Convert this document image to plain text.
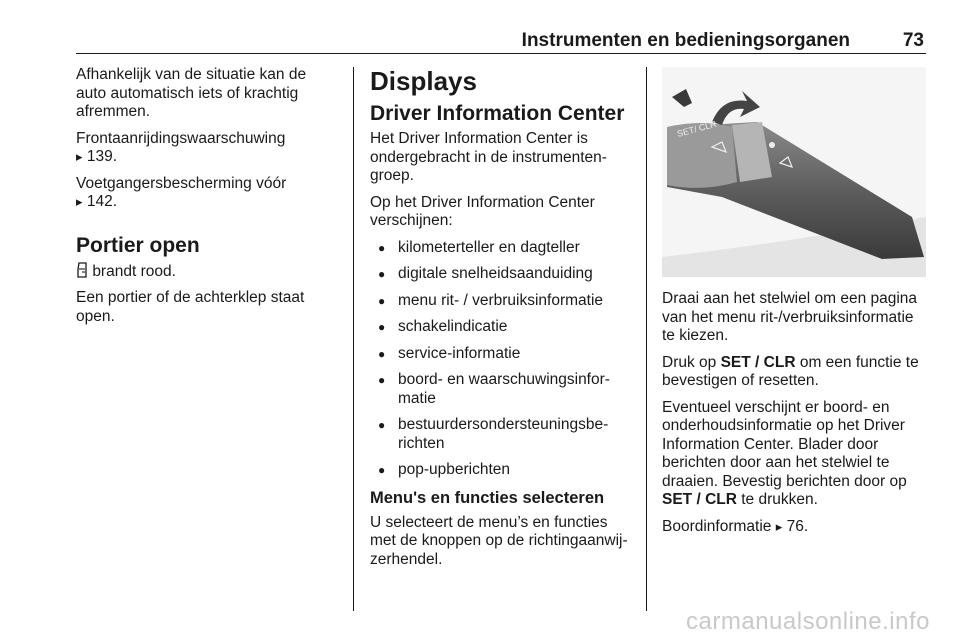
Instrumenten en bedieningsorganen	73

Afhankelijk van de situatie kan de auto automatisch iets of krachtig afremmen.

Frontaanrijdingswaarschuwing
▸ 139.

Voetgangersbescherming vóór
▸ 142.

Portier open

brandt rood.

Een portier of de achterklep staat open.

Displays
Driver Information Center

Het Driver Information Center is ondergebracht in de instrumentengroep.

Op het Driver Information Center verschijnen:

● kilometerteller en dagteller
● digitale snelheidsaanduiding
● menu rit- / verbruiksinformatie
● schakelindicatie
● service-informatie
● boord- en waarschuwingsinformatie
● bestuurdersondersteuningsberichten
● pop-upberichten
Menu's en functies selecteren

U selecteert de menu’s en functies met de knoppen op de richtingaanwijzerhendel.

SET/ CLR

Draai aan het stelwiel om een pagina van het menu rit-/verbruiksinformatie te kiezen.

Druk op SET / CLR om een functie te bevestigen of resetten.

Eventueel verschijnt er boord- en onderhoudsinformatie op het Driver Information Center. Blader door berichten door aan het stelwiel te draaien. Bevestig berichten door op SET / CLR te drukken.

Boordinformatie ▸ 76.

carmanualsonline.info
